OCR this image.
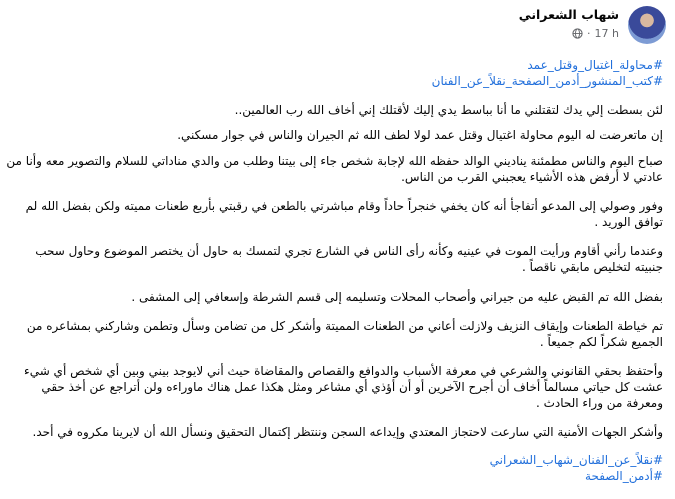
شهاب الشعراني
· 17 h
#محاولة_اغتيال_وقتل_عمد
#كتب_المنشور_أدمن_الصفحة_نقلاً_عن_الفنان
لئن بسطت إلي يدك لتقتلني ما أنا بباسط يدي إليك لأقتلك إني أخاف الله رب العالمين..
إن ماتعرضت له اليوم محاولة اغتيال وقتل عمد لولا لطف الله ثم الجيران والناس في جوار مسكني.
صباح اليوم والناس مطمئنة يناديني الوالد حفظه الله لإجابة شخص جاء إلى بيتنا وطلب من والدي مناداتي للسلام والتصوير معه وأنا من
عادتي لا أرفض هذه الأشياء يعجبني القرب من الناس.
وفور وصولي إلى المدعو أتفاجأ أنه كان يخفي خنجراً حاداً وقام مباشرتي بالطعن في رقبتي بأربع طعنات مميته ولكن بفضل الله لم
توافق الوريد .
وعندما رأني أقاوم ورأيت الموت في عينيه وكأنه رأى الناس في الشارع تجري لتمسك به حاول أن يختصر الموضوع وحاول سحب
جنبيته لتخليص مابقي ناقصاً .
بفضل الله تم القبض عليه من جيراني وأصحاب المحلات وتسليمه إلى قسم الشرطة وإسعافي إلى المشفى .
تم خياطة الطعنات وإيقاف النزيف ولازلت أعاني من الطعنات المميتة وأشكر كل من تضامن وسأل وتطمن وشاركني بمشاعره من
الجميع شكراً لكم جميعاً .
وأحتفظ بحقي القانوني والشرعي في معرفة الأسباب والدوافع والقصاص والمقاضاة حيث أني لايوجد بيني وبين أي شخص أي شيء
عشت كل حياتي مسالماً أخاف أن أجرح الآخرين أو أن أؤذي أي مشاعر ومثل هكذا عمل هناك ماوراءه ولن أتراجع عن أخذ حقي
ومعرفة من وراء الحادث .
وأشكر الجهات الأمنية التي سارعت لاحتجاز المعتدي وإيداعه السجن وننتظر إكتمال التحقيق ونسأل الله أن لايرينا مكروه في أحد.
#نقلاً_عن_الفنان_شهاب_الشعراني
#أدمن_الصفحة
